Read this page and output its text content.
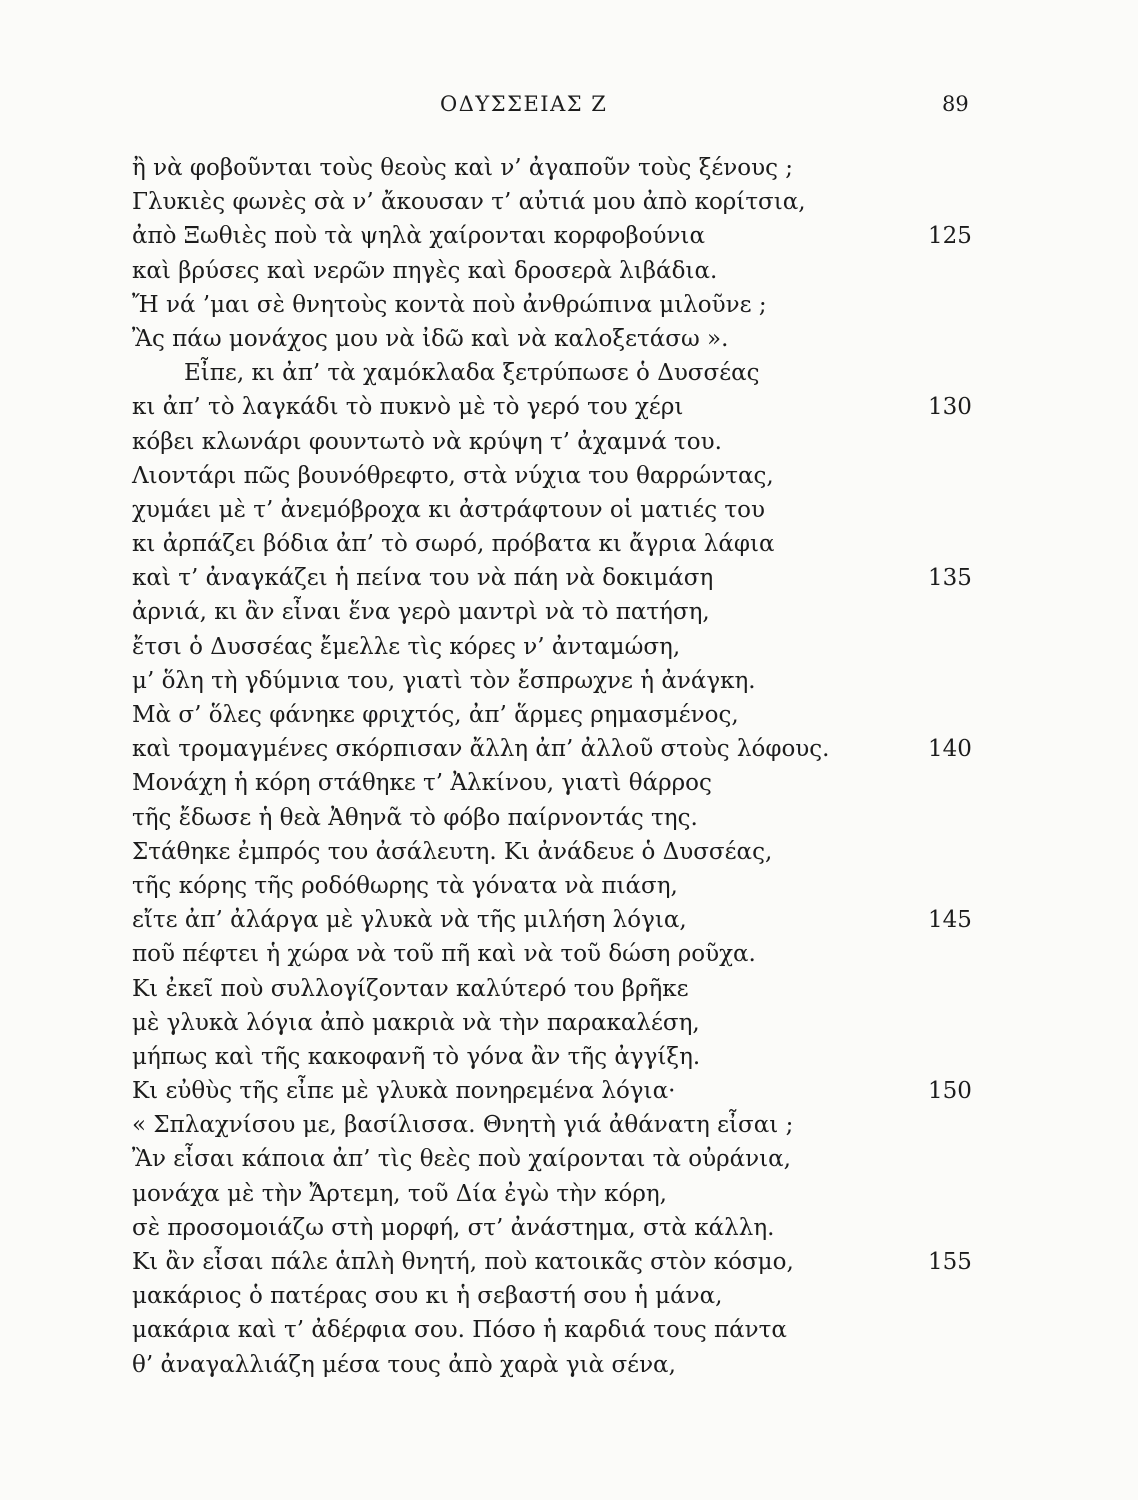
ΟΔΥΣΣΕΙΑΣ Ζ	89
ἢ νὰ φοβοῦνται τοὺς θεοὺς καὶ ν’ ἀγαποῦν τοὺς ξένους ;
Γλυκιὲς φωνὲς σὰ ν’ ἄκουσαν τ’ αὐτιά μου ἀπὸ κορίτσια,
ἀπὸ Ξωθιὲς ποὺ τὰ ψηλὰ χαίρονται κορφοβούνια	125
καὶ βρύσες καὶ νερῶν πηγὲς καὶ δροσερὰ λιβάδια.
Ἤ νά ’μαι σὲ θνητοὺς κοντὰ ποὺ ἀνθρώπινα μιλοῦνε ;
Ἂς πάω μονάχος μου νὰ ἰδῶ καὶ νὰ καλοξετάσω ».
Εἶπε, κι ἀπ’ τὰ χαμόκλαδα ξετρύπωσε ὁ Δυσσέας
κι ἀπ’ τὸ λαγκάδι τὸ πυκνὸ μὲ τὸ γερό του χέρι	130
κόβει κλωνάρι φουντωτὸ νὰ κρύψη τ’ ἀχαμνά του.
Λιοντάρι πῶς βουνόθρεφτο, στὰ νύχια του θαρρώντας,
χυμάει μὲ τ’ ἀνεμόβροχα κι ἀστράφτουν οἱ ματιές του
κι ἀρπάζει βόδια ἀπ’ τὸ σωρό, πρόβατα κι ἄγρια λάφια
καὶ τ’ ἀναγκάζει ἡ πείνα του νὰ πάη νὰ δοκιμάση	135
ἀρνιά, κι ἂν εἶναι ἕνα γερὸ μαντρὶ νὰ τὸ πατήση,
ἔτσι ὁ Δυσσέας ἔμελλε τὶς κόρες ν’ ἀνταμώση,
μ’ ὅλη τὴ γδύμνια του, γιατὶ τὸν ἔσπρωχνε ἡ ἀνάγκη.
Μὰ σ’ ὅλες φάνηκε φριχτός, ἀπ’ ἅρμες ρημασμένος,
καὶ τρομαγμένες σκόρπισαν ἄλλη ἀπ’ ἀλλοῦ στοὺς λόφους.	140
Μονάχη ἡ κόρη στάθηκε τ’ Ἀλκίνου, γιατὶ θάρρος
τῆς ἔδωσε ἡ θεὰ Ἀθηνᾶ τὸ φόβο παίρνοντάς της.
Στάθηκε ἐμπρός του ἀσάλευτη. Κι ἀνάδευε ὁ Δυσσέας,
τῆς κόρης τῆς ροδόθωρης τὰ γόνατα νὰ πιάση,
εἴτε ἀπ’ ἀλάργα μὲ γλυκὰ νὰ τῆς μιλήση λόγια,	145
ποῦ πέφτει ἡ χώρα νὰ τοῦ πῆ καὶ νὰ τοῦ δώση ροῦχα.
Κι ἐκεῖ ποὺ συλλογίζονταν καλύτερό του βρῆκε
μὲ γλυκὰ λόγια ἀπὸ μακριὰ νὰ τὴν παρακαλέση,
μήπως καὶ τῆς κακοφανῆ τὸ γόνα ἂν τῆς ἀγγίξη.
Κι εὐθὺς τῆς εἶπε μὲ γλυκὰ πονηρεμένα λόγια·	150
« Σπλαχνίσου με, βασίλισσα. Θνητὴ γιά ἀθάνατη εἶσαι ;
Ἂν εἶσαι κάποια ἀπ’ τὶς θεὲς ποὺ χαίρονται τὰ οὐράνια,
μονάχα μὲ τὴν Ἄρτεμη, τοῦ Δία ἐγὼ τὴν κόρη,
σὲ προσομοιάζω στὴ μορφή, στ’ ἀνάστημα, στὰ κάλλη.
Κι ἂν εἶσαι πάλε ἁπλὴ θνητή, ποὺ κατοικᾶς στὸν κόσμο,	155
μακάριος ὁ πατέρας σου κι ἡ σεβαστή σου ἡ μάνα,
μακάρια καὶ τ’ ἀδέρφια σου. Πόσο ἡ καρδιά τους πάντα
θ’ ἀναγαλλιάζη μέσα τους ἀπὸ χαρὰ γιὰ σένα,
